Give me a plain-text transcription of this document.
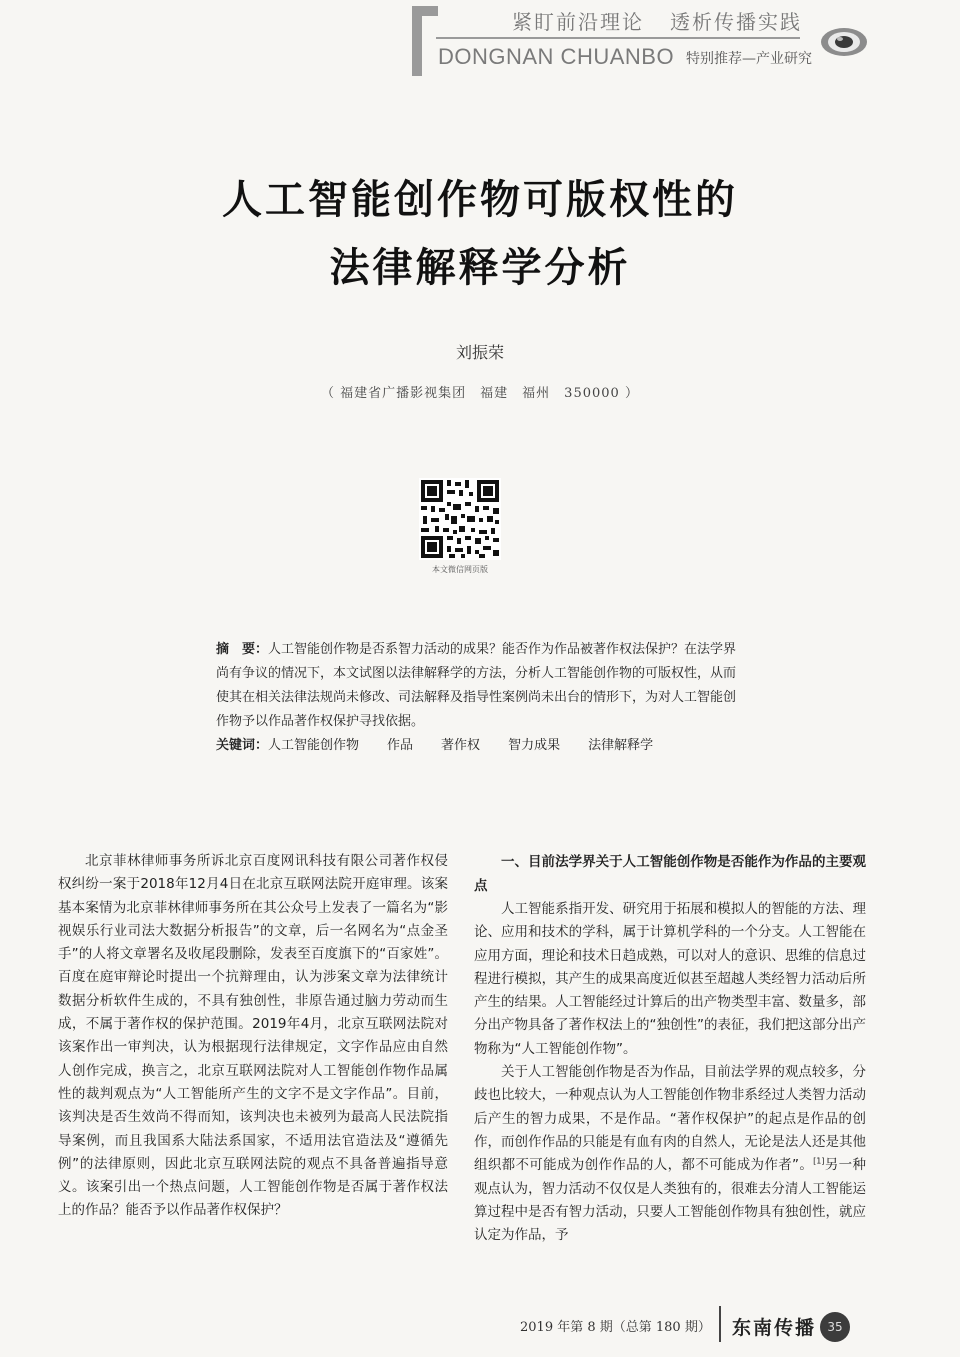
紧盯前沿理论 透析传播实践
DONGNAN CHUANBO 特别推荐—产业研究
人工智能创作物可版权性的
法律解释学分析
刘振荣
（ 福建省广播影视集团　福建　福州　350000 ）
本文微信网页版
摘　要：人工智能创作物是否系智力活动的成果？能否作为作品被著作权法保护？在法学界尚有争议的情况下，本文试图以法律解释学的方法，分析人工智能创作物的可版权性，从而使其在相关法律法规尚未修改、司法解释及指导性案例尚未出台的情形下，为对人工智能创作物予以作品著作权保护寻找依据。
关键词：人工智能创作物 作品 著作权 智力成果 法律解释学

北京菲林律师事务所诉北京百度网讯科技有限公司著作权侵权纠纷一案于2018年12月4日在北京互联网法院开庭审理。该案基本案情为北京菲林律师事务所在其公众号上发表了一篇名为“影视娱乐行业司法大数据分析报告”的文章，后一名网名为“点金圣手”的人将文章署名及收尾段删除，发表至百度旗下的“百家姓”。百度在庭审辩论时提出一个抗辩理由，认为涉案文章为法律统计数据分析软件生成的，不具有独创性，非原告通过脑力劳动而生成，不属于著作权的保护范围。2019年4月，北京互联网法院对该案作出一审判决，认为根据现行法律规定，文字作品应由自然人创作完成，换言之，北京互联网法院对人工智能创作物作品属性的裁判观点为“人工智能所产生的文字不是文字作品”。目前，该判决是否生效尚不得而知，该判决也未被列为最高人民法院指导案例，而且我国系大陆法系国家，不适用法官造法及“遵循先例”的法律原则，因此北京互联网法院的观点不具备普遍指导意义。该案引出一个热点问题，人工智能创作物是否属于著作权法上的作品？能否予以作品著作权保护？

一、目前法学界关于人工智能创作物是否能作为作品的主要观点

人工智能系指开发、研究用于拓展和模拟人的智能的方法、理论、应用和技术的学科，属于计算机学科的一个分支。人工智能在应用方面，理论和技术日趋成熟，可以对人的意识、思维的信息过程进行模拟，其产生的成果高度近似甚至超越人类经智力活动后所产生的结果。人工智能经过计算后的出产物类型丰富、数量多，部分出产物具备了著作权法上的“独创性”的表征，我们把这部分出产物称为“人工智能创作物”。

关于人工智能创作物是否为作品，目前法学界的观点较多，分歧也比较大，一种观点认为人工智能创作物非系经过人类智力活动后产生的智力成果，不是作品。“著作权保护”的起点是作品的创作，而创作作品的只能是有血有肉的自然人，无论是法人还是其他组织都不可能成为创作作品的人，都不可能成为作者”。[1]另一种观点认为，智力活动不仅仅是人类独有的，很难去分清人工智能运算过程中是否有智力活动，只要人工智能创作物具有独创性，就应认定为作品，予

2019 年第 8 期（总第 180 期） 东南传播 35
